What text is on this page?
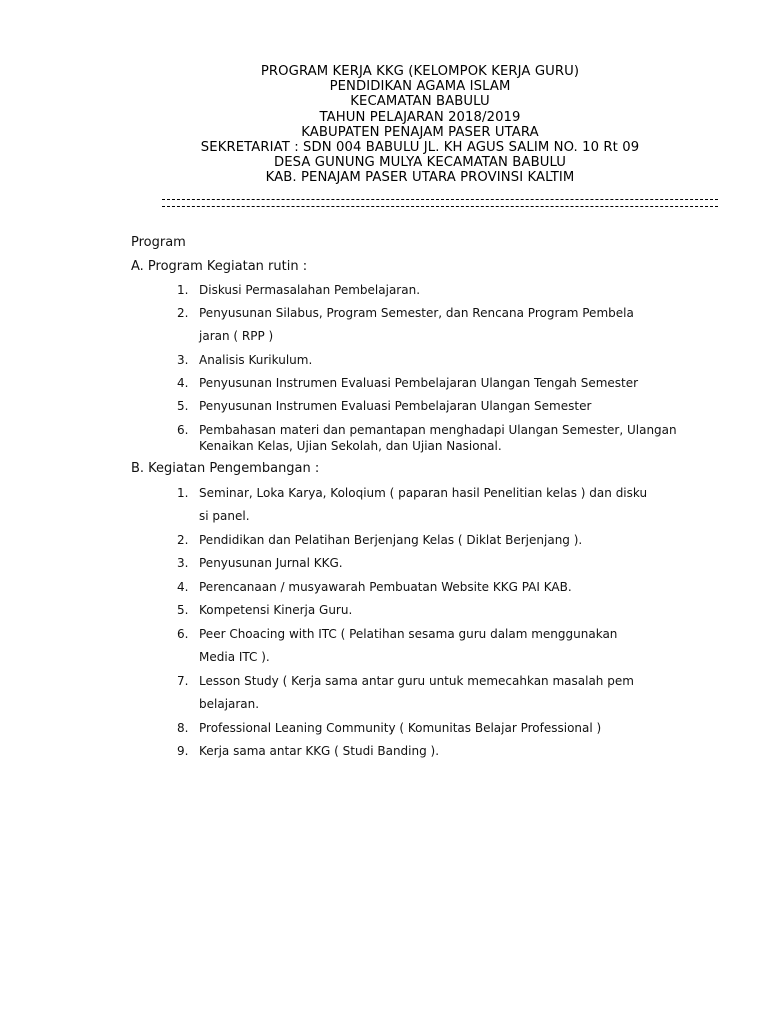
PROGRAM KERJA KKG (KELOMPOK KERJA GURU)
PENDIDIKAN AGAMA ISLAM
KECAMATAN BABULU
TAHUN PELAJARAN 2018/2019
KABUPATEN PENAJAM PASER UTARA
SEKRETARIAT : SDN 004 BABULU JL. KH AGUS SALIM NO. 10 Rt 09
DESA GUNUNG MULYA KECAMATAN BABULU
KAB. PENAJAM PASER UTARA PROVINSI KALTIM
Program
A. Program Kegiatan rutin :
1. Diskusi Permasalahan Pembelajaran.
2. Penyusunan Silabus, Program Semester, dan Rencana Program Pembela
jaran ( RPP )
3. Analisis Kurikulum.
4. Penyusunan Instrumen Evaluasi Pembelajaran Ulangan Tengah Semester
5. Penyusunan Instrumen Evaluasi Pembelajaran Ulangan Semester
6. Pembahasan materi dan pemantapan menghadapi Ulangan Semester, Ulangan
Kenaikan Kelas, Ujian Sekolah, dan Ujian Nasional.
B. Kegiatan Pengembangan :
1. Seminar, Loka Karya, Koloqium ( paparan hasil Penelitian kelas ) dan disku
si panel.
2. Pendidikan dan Pelatihan Berjenjang Kelas ( Diklat Berjenjang ).
3. Penyusunan Jurnal KKG.
4. Perencanaan / musyawarah Pembuatan Website KKG PAI KAB.
5. Kompetensi Kinerja Guru.
6. Peer Choacing with ITC ( Pelatihan sesama guru dalam menggunakan
Media ITC ).
7. Lesson Study ( Kerja sama antar guru untuk memecahkan masalah pem
belajaran.
8. Professional Leaning Community ( Komunitas Belajar Professional )
9. Kerja sama antar KKG ( Studi Banding ).
